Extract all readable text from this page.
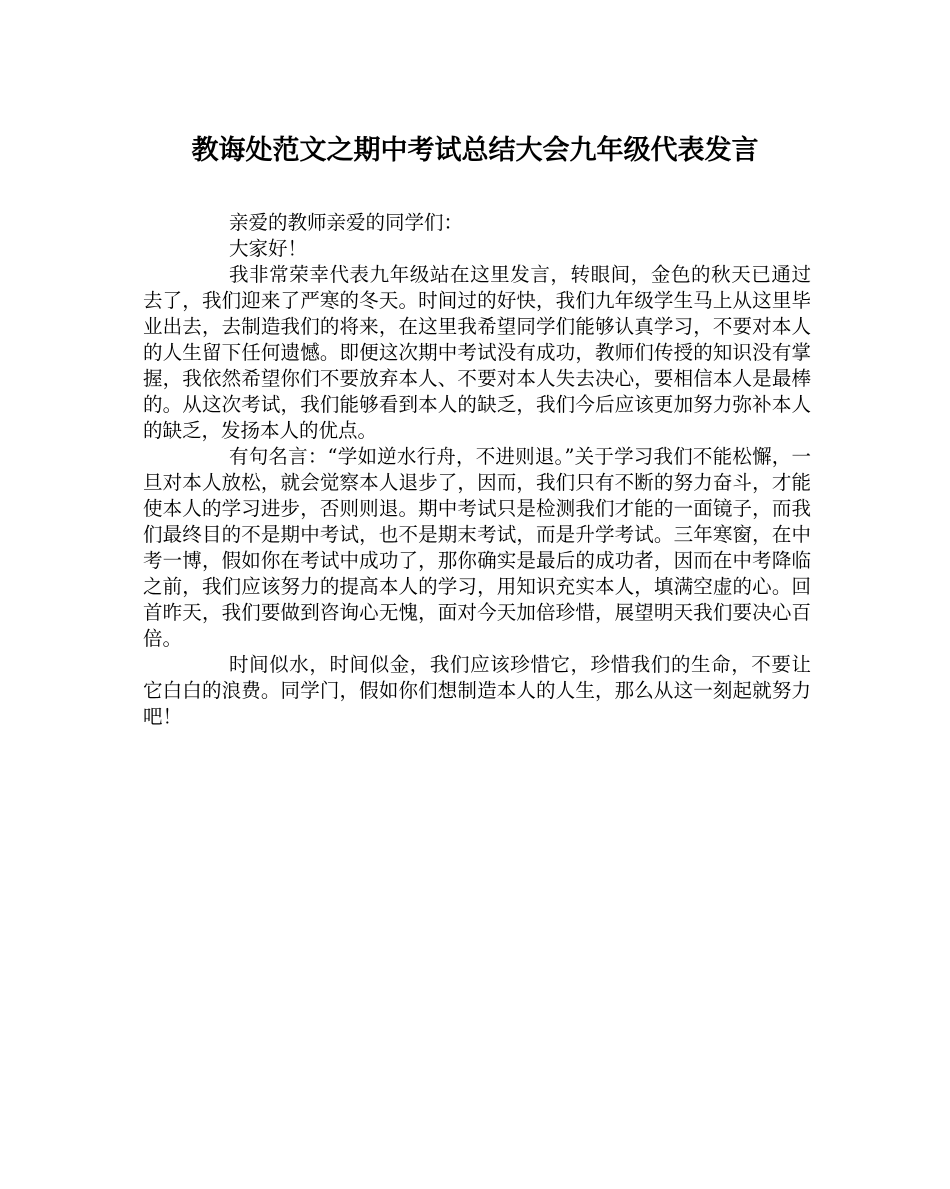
教诲处范文之期中考试总结大会九年级代表发言

亲爱的教师亲爱的同学们：

大家好！

我非常荣幸代表九年级站在这里发言，转眼间，金色的秋天已通过去了，我们迎来了严寒的冬天。时间过的好快，我们九年级学生马上从这里毕业出去，去制造我们的将来，在这里我希望同学们能够认真学习，不要对本人的人生留下任何遗憾。即便这次期中考试没有成功，教师们传授的知识没有掌握，我依然希望你们不要放弃本人、不要对本人失去决心，要相信本人是最棒的。从这次考试，我们能够看到本人的缺乏，我们今后应该更加努力弥补本人的缺乏，发扬本人的优点。

有句名言：“学如逆水行舟，不进则退。”关于学习我们不能松懈，一旦对本人放松，就会觉察本人退步了，因而，我们只有不断的努力奋斗，才能使本人的学习进步，否则则退。期中考试只是检测我们才能的一面镜子，而我们最终目的不是期中考试，也不是期末考试，而是升学考试。三年寒窗，在中考一博，假如你在考试中成功了，那你确实是最后的成功者，因而在中考降临之前，我们应该努力的提高本人的学习，用知识充实本人，填满空虚的心。回首昨天，我们要做到咨询心无愧，面对今天加倍珍惜，展望明天我们要决心百倍。

时间似水，时间似金，我们应该珍惜它，珍惜我们的生命，不要让它白白的浪费。同学门，假如你们想制造本人的人生，那么从这一刻起就努力吧！
